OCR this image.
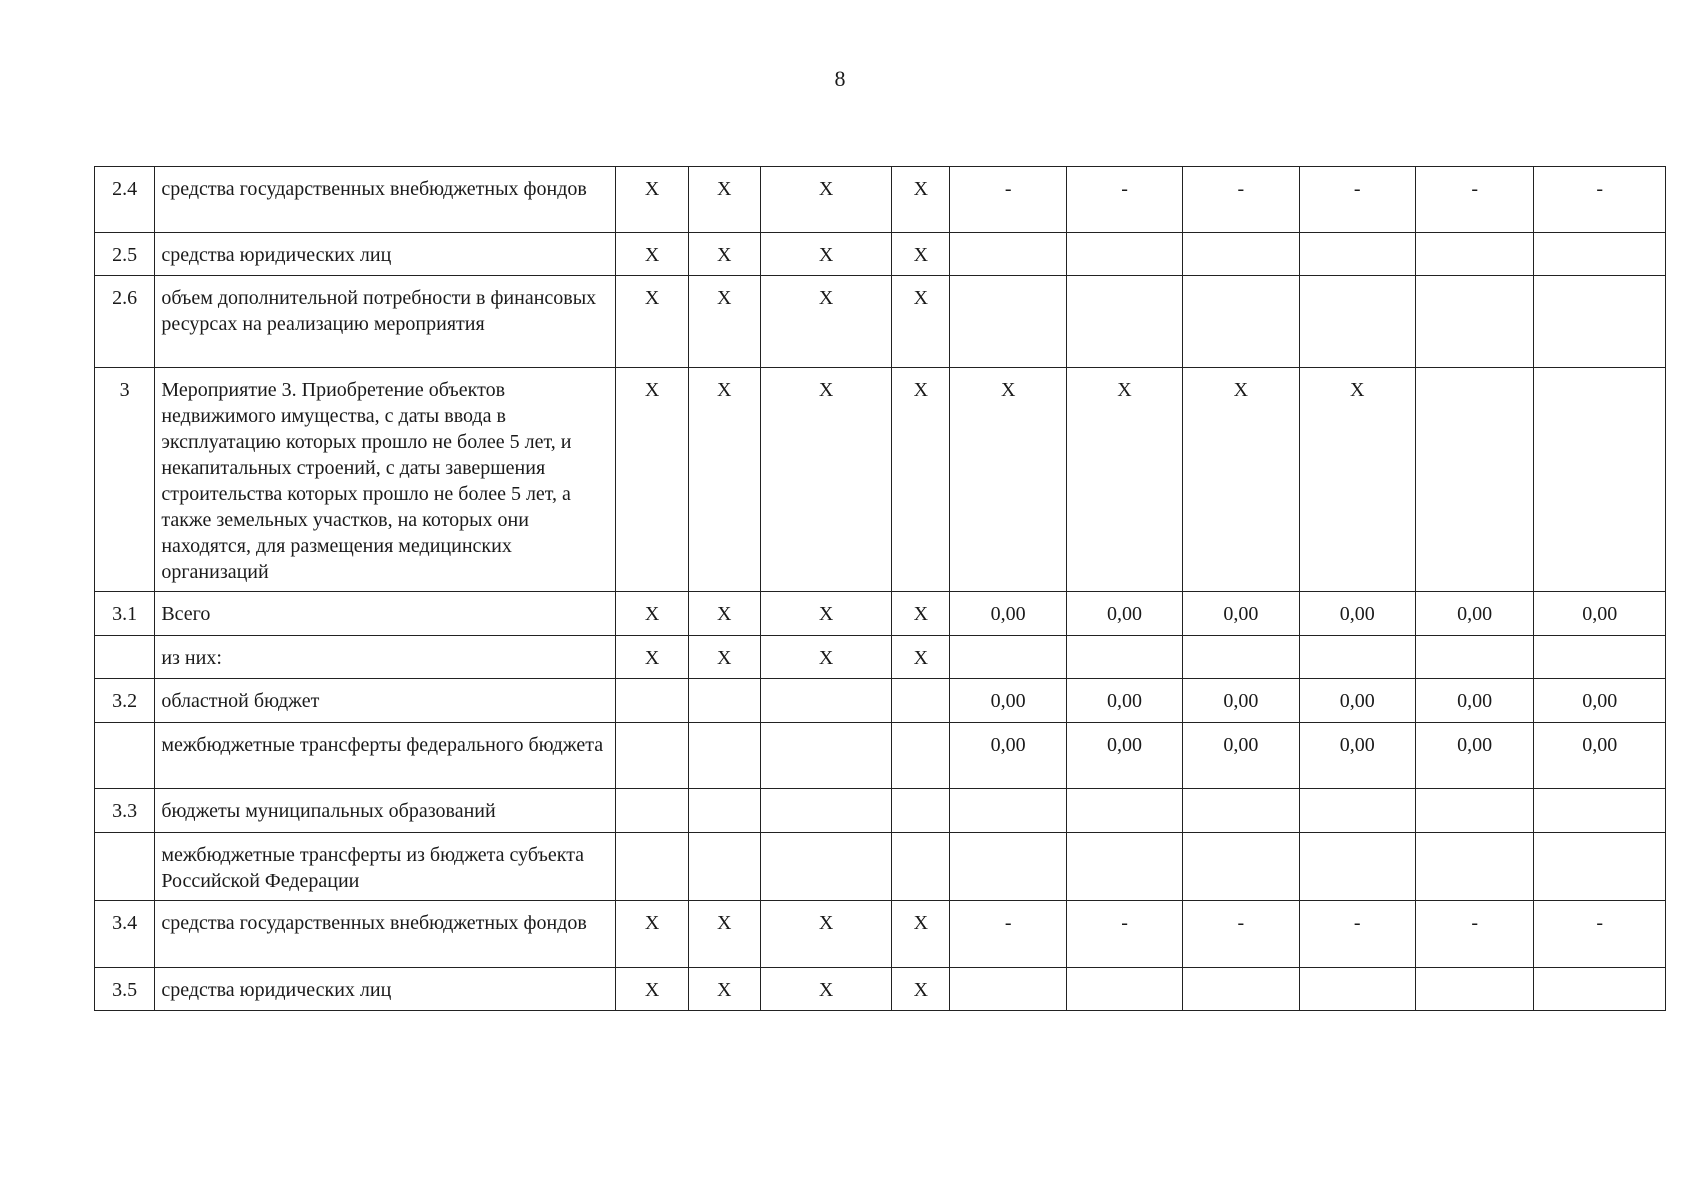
8
2.4	средства государственных внебюджетных фондов	X	X	X	X	-	-	-	-	-	-
2.5	средства юридических лиц	X	X	X	X						
2.6	объем дополнительной потребности в финансовых ресурсах на реализацию мероприятия	X	X	X	X						
3	Мероприятие 3. Приобретение объектов недвижимого имущества, с даты ввода в эксплуатацию которых прошло не более 5 лет, и некапитальных строений, с даты завершения строительства которых прошло не более 5 лет, а также земельных участков, на которых они находятся, для размещения медицинских организаций	X	X	X	X	X	X	X	X		
3.1	Всего	X	X	X	X	0,00	0,00	0,00	0,00	0,00	0,00
	из них:	X	X	X	X						
3.2	областной бюджет					0,00	0,00	0,00	0,00	0,00	0,00
	межбюджетные трансферты федерального бюджета					0,00	0,00	0,00	0,00	0,00	0,00
3.3	бюджеты муниципальных образований										
	межбюджетные трансферты из бюджета субъекта Российской Федерации										
3.4	средства государственных внебюджетных фондов	X	X	X	X	-	-	-	-	-	-
3.5	средства юридических лиц	X	X	X	X						
